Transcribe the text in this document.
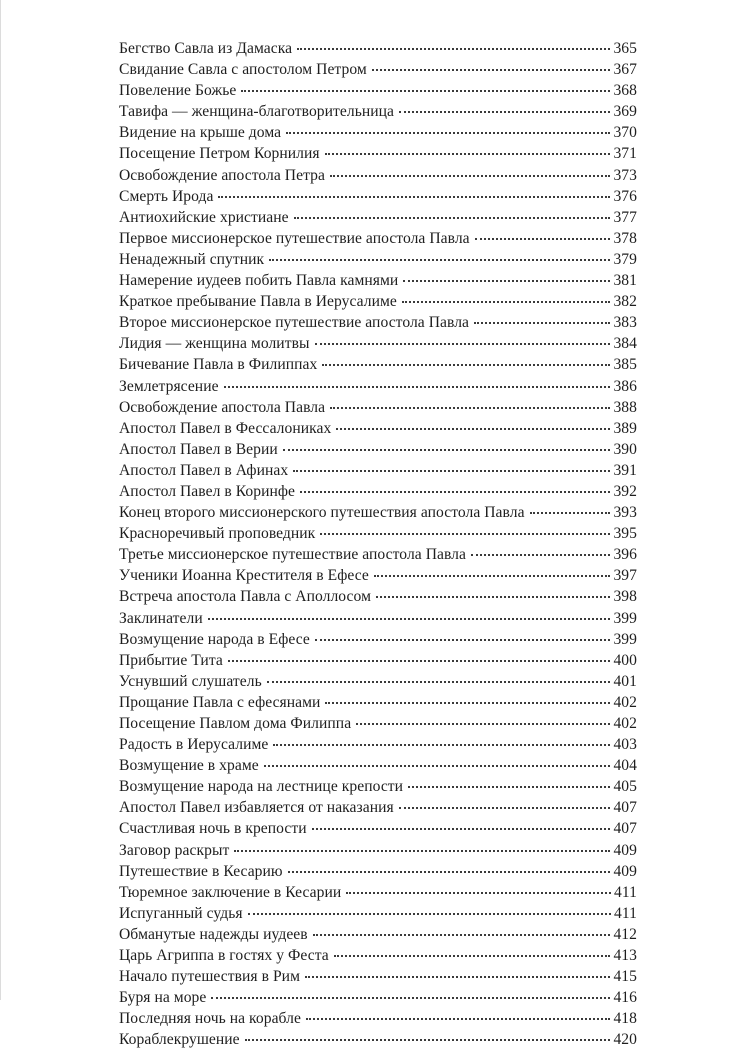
Бегство Савла из Дамаска	365
Свидание Савла с апостолом Петром	367
Повеление Божье	368
Тавифа — женщина-благотворительница	369
Видение на крыше дома	370
Посещение Петром Корнилия	371
Освобождение апостола Петра	373
Смерть Ирода	376
Антиохийские христиане	377
Первое миссионерское путешествие апостола Павла	378
Ненадежный спутник	379
Намерение иудеев побить Павла камнями	381
Краткое пребывание Павла в Иерусалиме	382
Второе миссионерское путешествие апостола Павла	383
Лидия — женщина молитвы	384
Бичевание Павла в Филиппах	385
Землетрясение	386
Освобождение апостола Павла	388
Апостол Павел в Фессалониках	389
Апостол Павел в Верии	390
Апостол Павел в Афинах	391
Апостол Павел в Коринфе	392
Конец второго миссионерского путешествия апостола Павла	393
Красноречивый проповедник	395
Третье миссионерское путешествие апостола Павла	396
Ученики Иоанна Крестителя в Ефесе	397
Встреча апостола Павла с Аполлосом	398
Заклинатели	399
Возмущение народа в Ефесе	399
Прибытие Тита	400
Уснувший слушатель	401
Прощание Павла с ефесянами	402
Посещение Павлом дома Филиппа	402
Радость в Иерусалиме	403
Возмущение в храме	404
Возмущение народа на лестнице крепости	405
Апостол Павел избавляется от наказания	407
Счастливая ночь в крепости	407
Заговор раскрыт	409
Путешествие в Кесарию	409
Тюремное заключение в Кесарии	411
Испуганный судья	411
Обманутые надежды иудеев	412
Царь Агриппа в гостях у Феста	413
Начало путешествия в Рим	415
Буря на море	416
Последняя ночь на корабле	418
Кораблекрушение	420
